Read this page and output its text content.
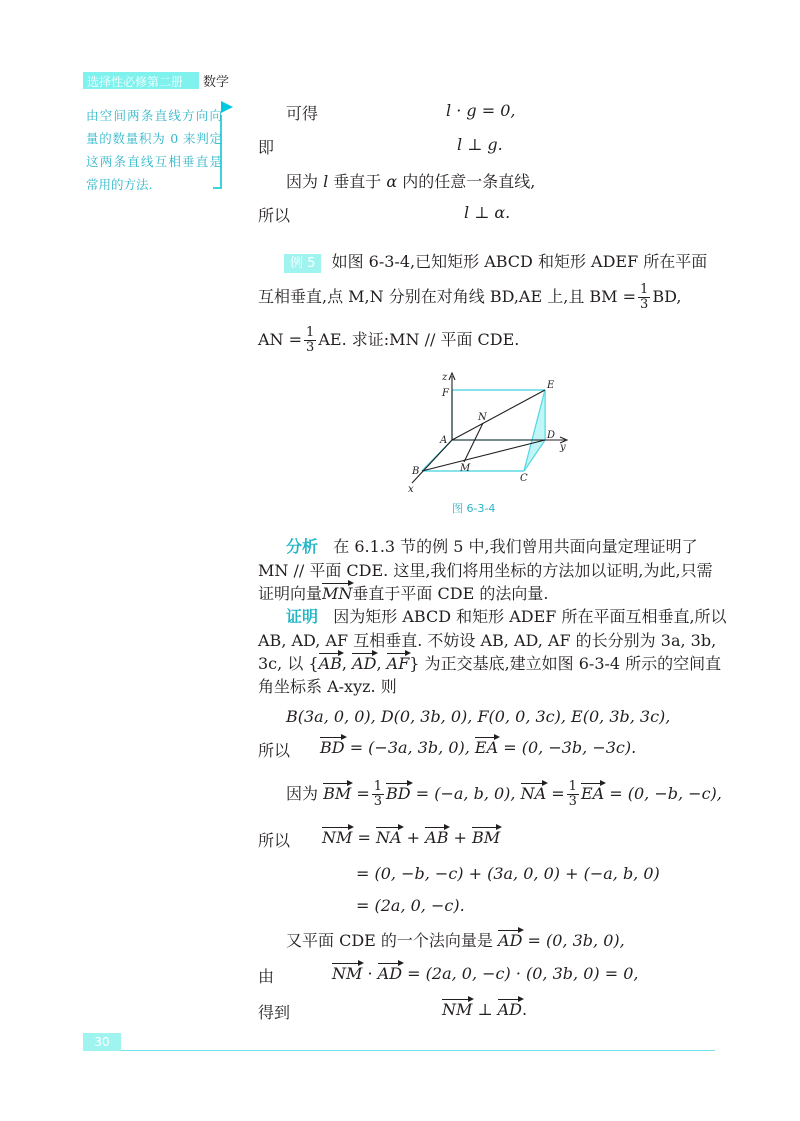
选择性必修第二册 数学
由空间两条直线方向向量的数量积为 0 来判定这两条直线互相垂直是常用的方法.
可得	l · g = 0,
即	l ⊥ g.
因为 l 垂直于 α 内的任意一条直线,
所以	l ⊥ α.
例 5 如图 6-3-4,已知矩形 ABCD 和矩形 ADEF 所在平面
互相垂直,点 M,N 分别在对角线 BD,AE 上,且 BM = $\frac{1}{3}$ BD,
AN = $\frac{1}{3}$ AE. 求证:MN // 平面 CDE.
z
F
E
N
A	D
y
B	M
C
x
图 6-3-4
分析 在 6.1.3 节的例 5 中,我们曾用共面向量定理证明了
MN // 平面 CDE. 这里,我们将用坐标的方法加以证明,为此,只需
证明向量MN垂直于平面 CDE 的法向量.
证明 因为矩形 ABCD 和矩形 ADEF 所在平面互相垂直,所以
AB, AD, AF 互相垂直. 不妨设 AB, AD, AF 的长分别为 3a, 3b,
3c, 以 {AB, AD, AF} 为正交基底,建立如图 6-3-4 所示的空间直
角坐标系 A-xyz. 则
B(3a, 0, 0), D(0, 3b, 0), F(0, 0, 3c), E(0, 3b, 3c),
所以 BD = (−3a, 3b, 0), EA = (0, −3b, −3c).
因为 BM = $\frac{1}{3}$ BD = (−a, b, 0), NA = $\frac{1}{3}$ EA = (0, −b, −c),
所以 NM = NA + AB + BM
= (0, −b, −c) + (3a, 0, 0) + (−a, b, 0)
= (2a, 0, −c).
又平面 CDE 的一个法向量是 AD = (0, 3b, 0),
由	NM · AD = (2a, 0, −c) · (0, 3b, 0) = 0,
得到	NM ⊥ AD.
30
